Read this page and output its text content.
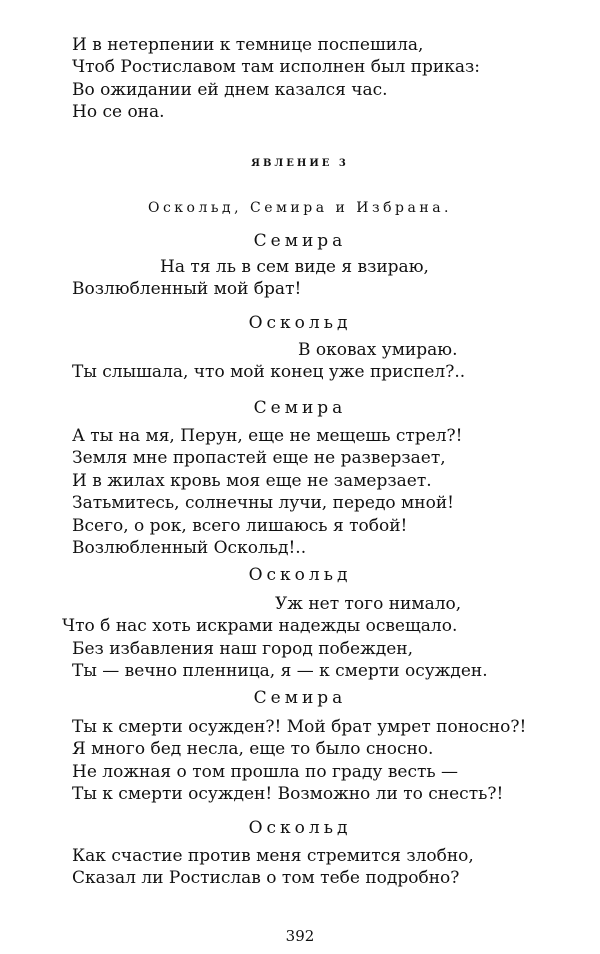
И в нетерпении к темнице поспешила,
Чтоб Ростиславом там исполнен был приказ:
Во ожидании ей днем казался час.
Но се она.
ЯВЛЕНИЕ 3
Оскольд, Семира и Избрана.
Семира
На тя ль в сем виде я взираю,
Возлюбленный мой брат!
Оскольд
В оковах умираю.
Ты слышала, что мой конец уже приспел?..
Семира
А ты на мя, Перун, еще не мещешь стрел?!
Земля мне пропастей еще не разверзает,
И в жилах кровь моя еще не замерзает.
Затьмитесь, солнечны лучи, передо мной!
Всего, о рок, всего лишаюсь я тобой!
Возлюбленный Оскольд!..
Оскольд
Уж нет того нимало,
Что б нас хоть искрами надежды освещало.
Без избавления наш город побежден,
Ты — вечно пленница, я — к смерти осужден.
Семира
Ты к смерти осужден?! Мой брат умрет поносно?!
Я много бед несла, еще то было сносно.
Не ложная о том прошла по граду весть —
Ты к смерти осужден! Возможно ли то снесть?!
Оскольд
Как счастие против меня стремится злобно,
Сказал ли Ростислав о том тебе подробно?
392
